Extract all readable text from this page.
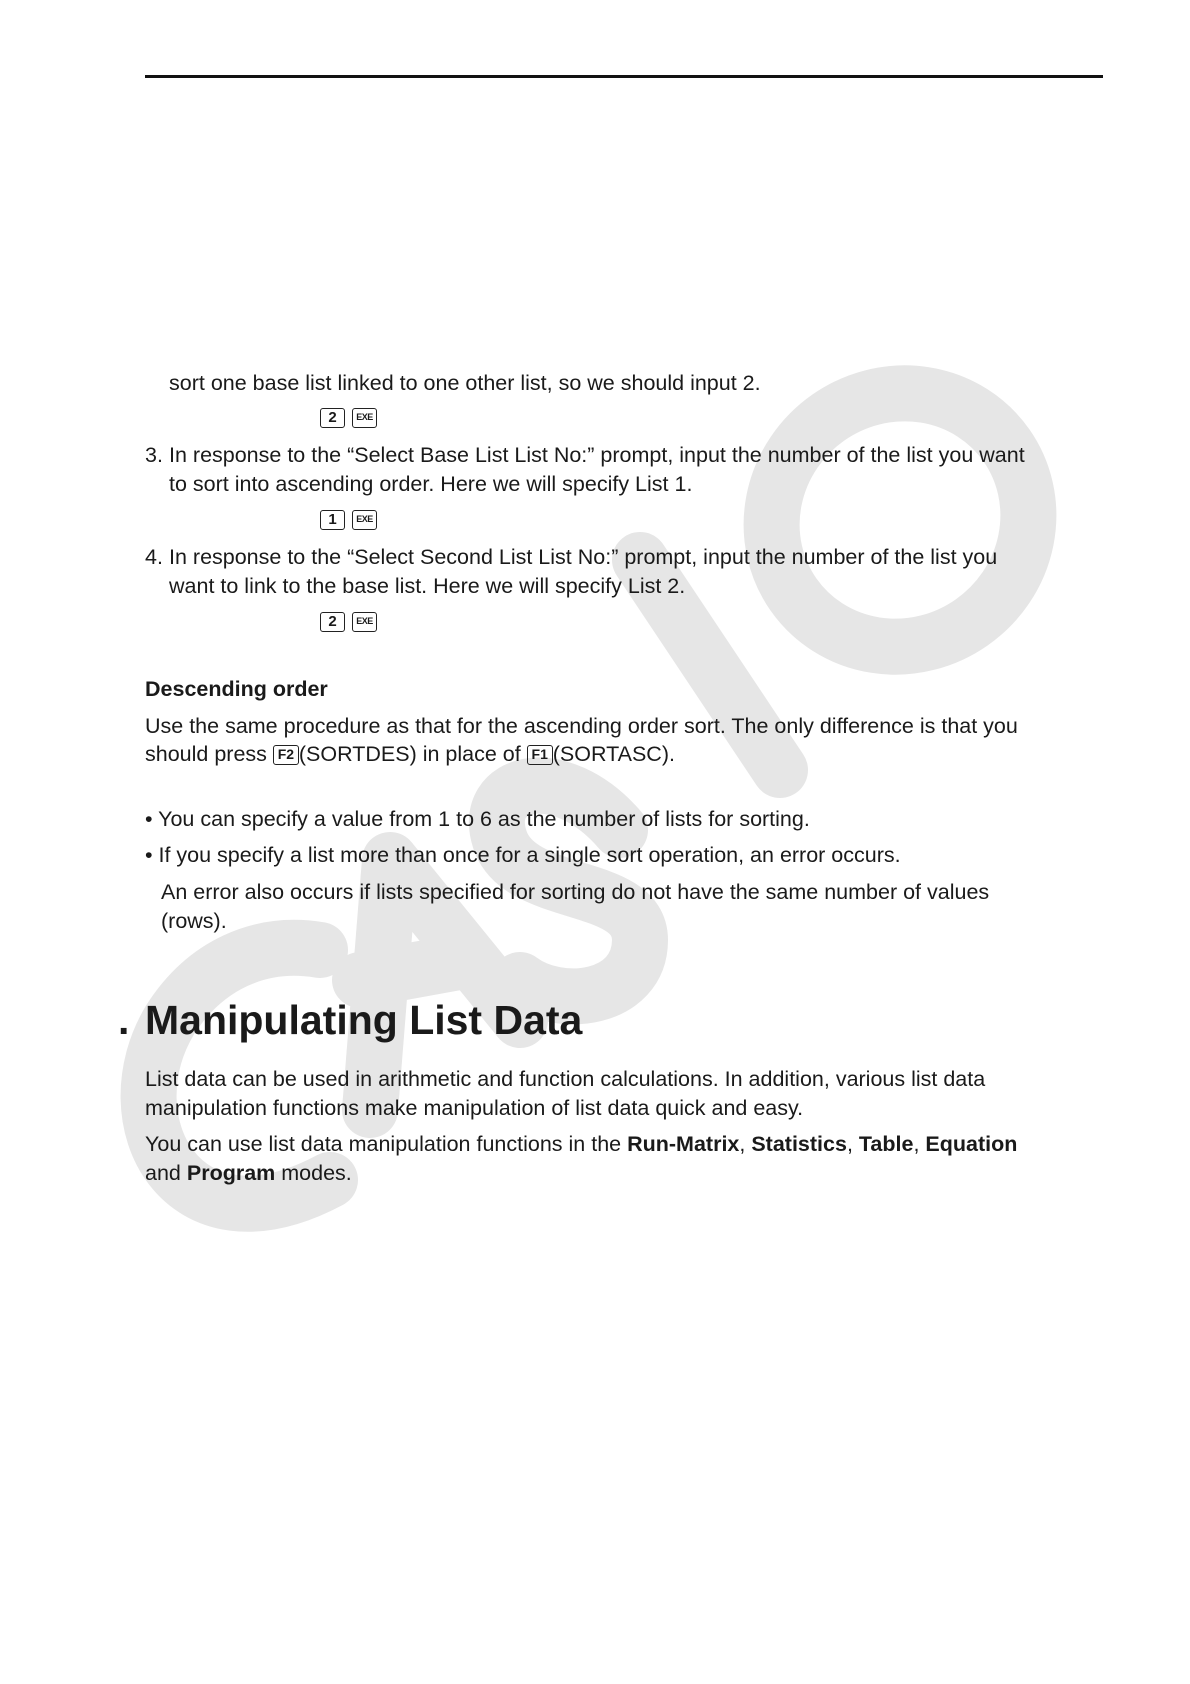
sort one base list linked to one other list, so we should input 2.

2 EXE

3. In response to the “Select Base List List No:” prompt, input the number of the list you want

to sort into ascending order. Here we will specify List 1.

1 EXE

4. In response to the “Select Second List List No:” prompt, input the number of the list you

want to link to the base list. Here we will specify List 2.

2 EXE

Descending order

Use the same procedure as that for the ascending order sort. The only difference is that you

should press F2 (SORTDES) in place of F1 (SORTASC).

• You can specify a value from 1 to 6 as the number of lists for sorting.

• If you specify a list more than once for a single sort operation, an error occurs.

An error also occurs if lists specified for sorting do not have the same number of values

(rows).

. Manipulating List Data

List data can be used in arithmetic and function calculations. In addition, various list data

manipulation functions make manipulation of list data quick and easy.

You can use list data manipulation functions in the Run-Matrix, Statistics, Table, Equation

and Program modes.
